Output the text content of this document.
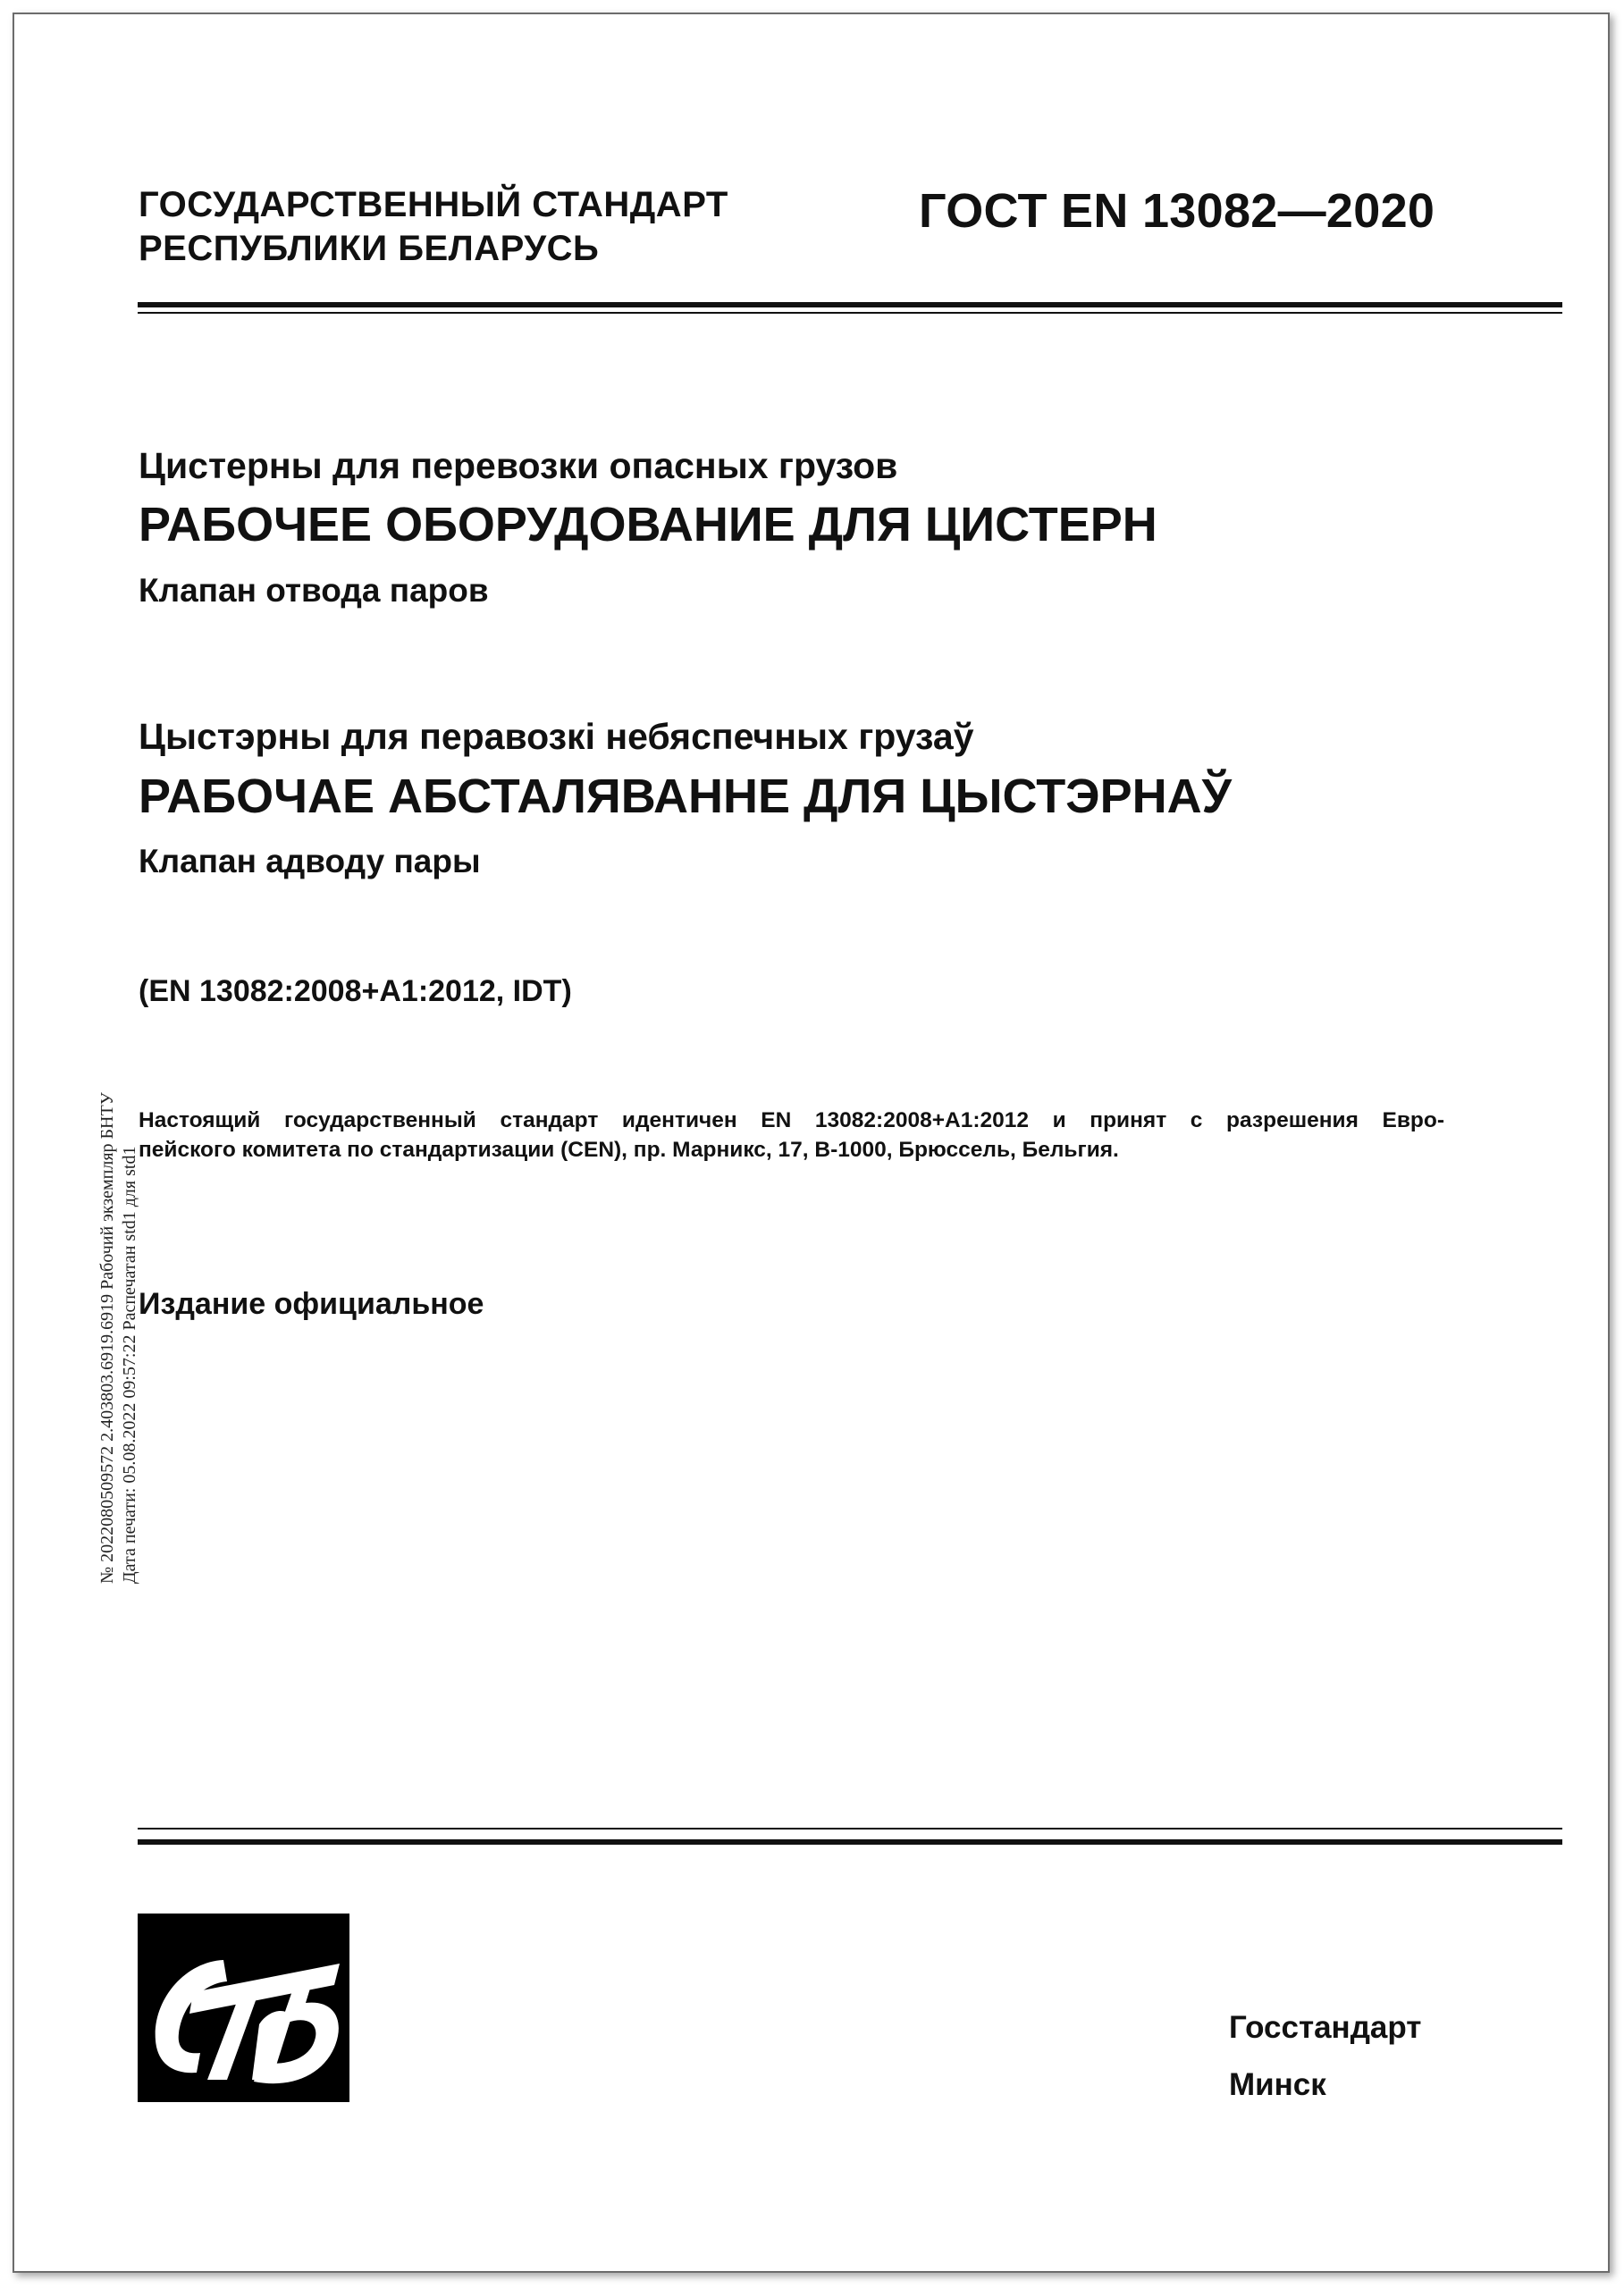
ГОСУДАРСТВЕННЫЙ СТАНДАРТ
РЕСПУБЛИКИ БЕЛАРУСЬ
ГОСТ EN 13082—2020
Цистерны для перевозки опасных грузов
РАБОЧЕЕ ОБОРУДОВАНИЕ ДЛЯ ЦИСТЕРН
Клапан отвода паров
Цыстэрны для перавозкі небяспечных грузаў
РАБОЧАЕ АБСТАЛЯВАННЕ ДЛЯ ЦЫСТЭРНАЎ
Клапан адводу пары
(EN 13082:2008+A1:2012, IDT)
Настоящий государственный стандарт идентичен EN 13082:2008+A1:2012 и принят с разрешения Евро-
пейского комитета по стандартизации (CEN), пр. Марникс, 17, B-1000, Брюссель, Бельгия.
Издание официальное
№ 2022080509572 2.403803.6919.6919 Рабочий экземпляр БНТУ Дата печати: 05.08.2022 09:57:22 Распечатан std1 для std1
Госстандарт
Минск
